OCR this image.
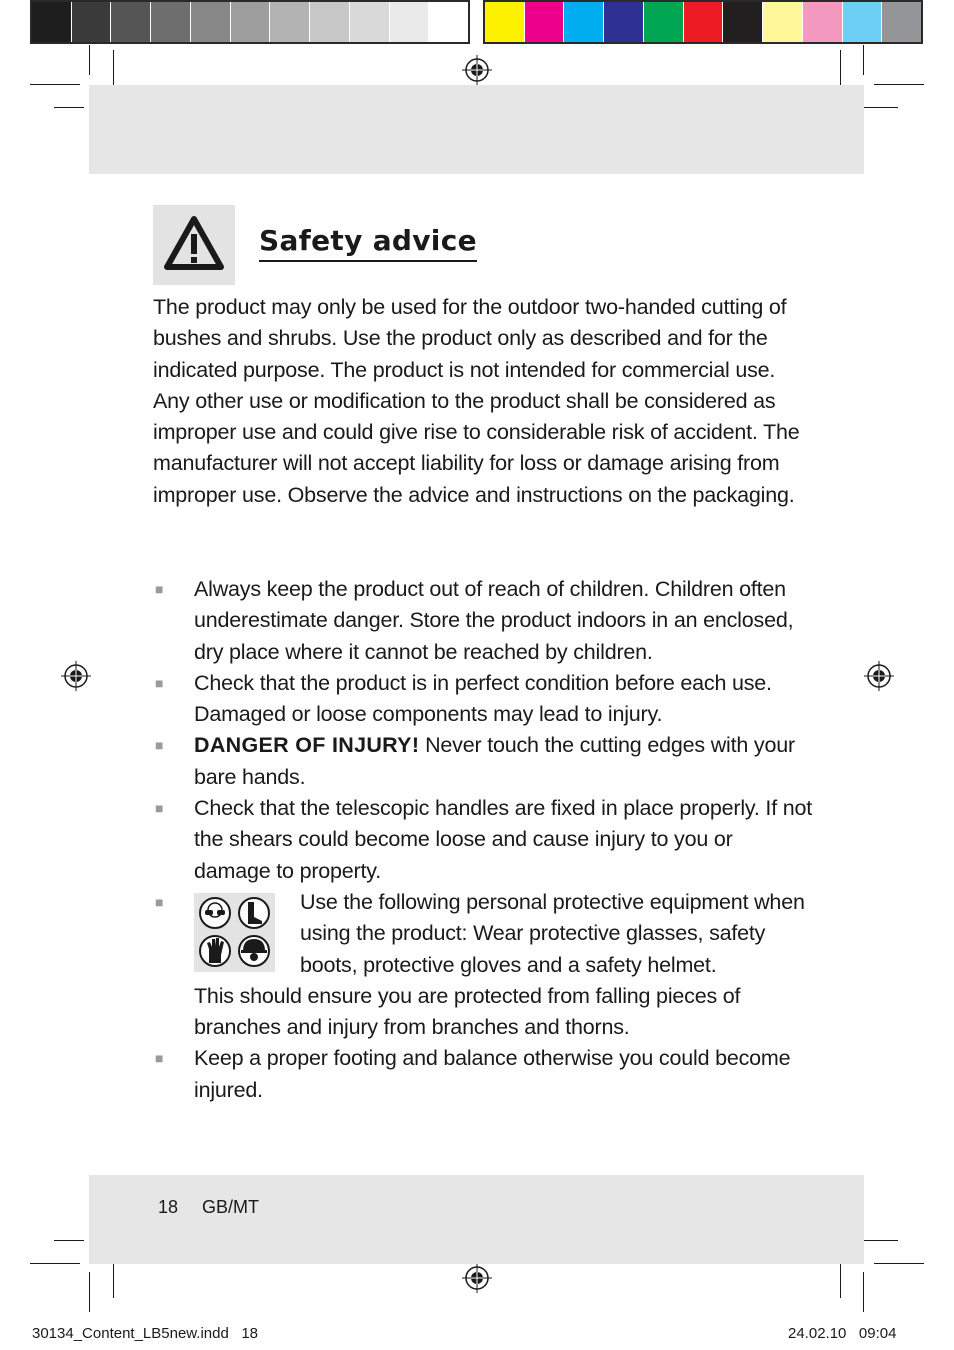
Safety advice
The product may only be used for the outdoor two-handed cutting of bushes and shrubs. Use the product only as described and for the indicated purpose. The product is not intended for commercial use. Any other use or modification to the product shall be considered as improper use and could give rise to considerable risk of accident. The manufacturer will not accept liability for loss or damage arising from improper use. Observe the advice and instructions on the packaging.
■ Always keep the product out of reach of children. Children often underestimate danger. Store the product indoors in an enclosed, dry place where it cannot be reached by children.
■ Check that the product is in perfect condition before each use. Damaged or loose components may lead to injury.
■ DANGER OF INJURY! Never touch the cutting edges with your bare hands.
■ Check that the telescopic handles are fixed in place properly. If not the shears could become loose and cause injury to you or damage to property.
■	Use the following personal protective equipment when using the product: Wear protective glasses, safety boots, protective gloves and a safety helmet.
This should ensure you are protected from falling pieces of branches and injury from branches and thorns.
■ Keep a proper footing and balance otherwise you could become injured.
18 GB/MT
30134_Content_LB5new.indd   18	24.02.10   09:04
